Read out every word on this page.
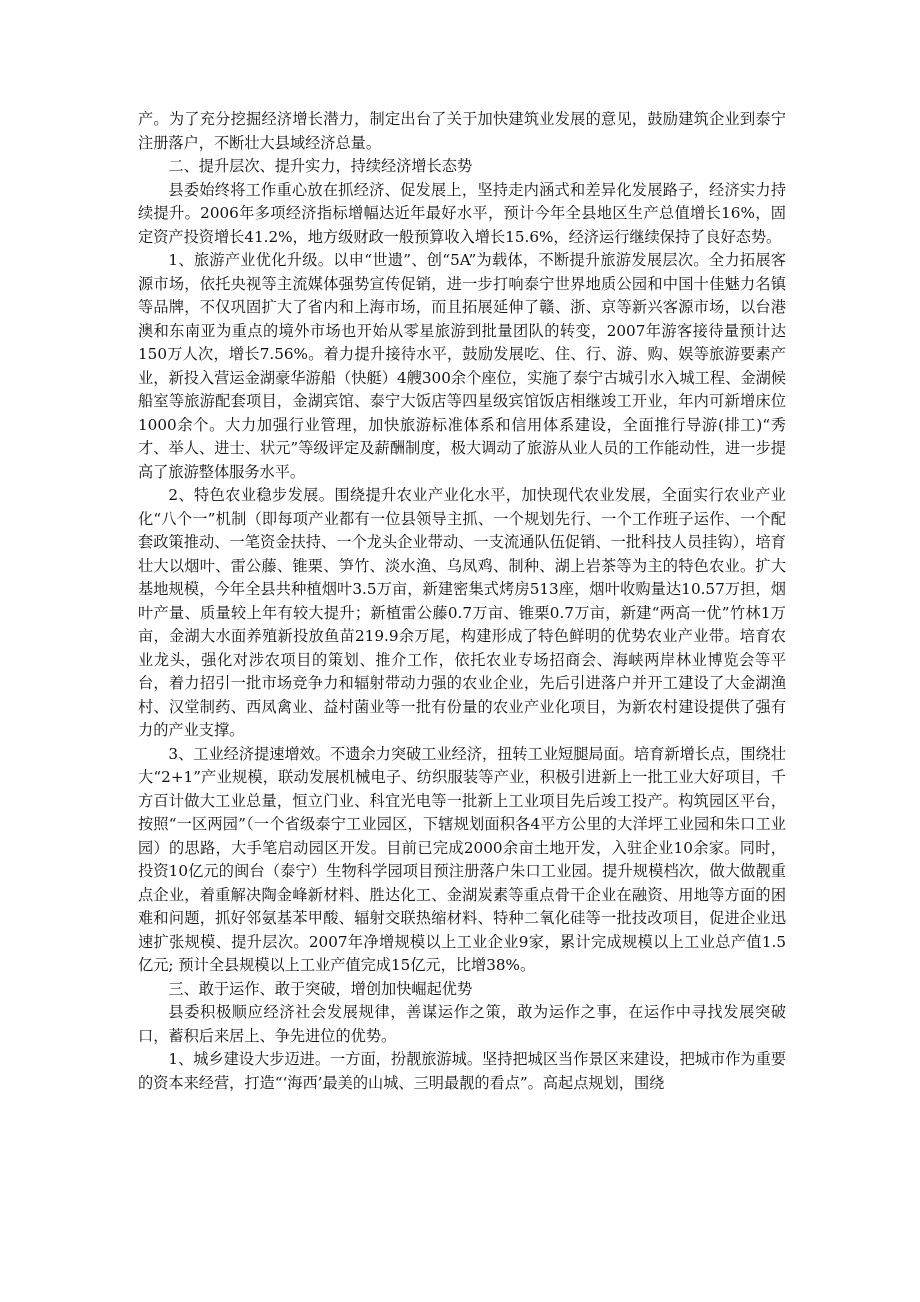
产。为了充分挖掘经济增长潜力，制定出台了关于加快建筑业发展的意见，鼓励建筑企业到泰宁注册落户，不断壮大县域经济总量。

二、提升层次、提升实力，持续经济增长态势

县委始终将工作重心放在抓经济、促发展上，坚持走内涵式和差异化发展路子，经济实力持续提升。2006年多项经济指标增幅达近年最好水平，预计今年全县地区生产总值增长16%，固定资产投资增长41.2%，地方级财政一般预算收入增长15.6%，经济运行继续保持了良好态势。

1、旅游产业优化升级。以申“世遗”、创“5A”为载体，不断提升旅游发展层次。全力拓展客源市场，依托央视等主流媒体强势宣传促销，进一步打响泰宁世界地质公园和中国十佳魅力名镇等品牌，不仅巩固扩大了省内和上海市场，而且拓展延伸了赣、浙、京等新兴客源市场，以台港澳和东南亚为重点的境外市场也开始从零星旅游到批量团队的转变，2007年游客接待量预计达150万人次，增长7.56%。着力提升接待水平，鼓励发展吃、住、行、游、购、娱等旅游要素产业，新投入营运金湖豪华游船（快艇）4艘300余个座位，实施了泰宁古城引水入城工程、金湖候船室等旅游配套项目，金湖宾馆、泰宁大饭店等四星级宾馆饭店相继竣工开业，年内可新增床位1000余个。大力加强行业管理，加快旅游标准体系和信用体系建设，全面推行导游(排工)“秀才、举人、进士、状元”等级评定及薪酬制度，极大调动了旅游从业人员的工作能动性，进一步提高了旅游整体服务水平。

2、特色农业稳步发展。围绕提升农业产业化水平，加快现代农业发展，全面实行农业产业化“八个一”机制（即每项产业都有一位县领导主抓、一个规划先行、一个工作班子运作、一个配套政策推动、一笔资金扶持、一个龙头企业带动、一支流通队伍促销、一批科技人员挂钩），培育壮大以烟叶、雷公藤、锥栗、笋竹、淡水渔、乌凤鸡、制种、湖上岩茶等为主的特色农业。扩大基地规模，今年全县共种植烟叶3.5万亩，新建密集式烤房513座，烟叶收购量达10.57万担，烟叶产量、质量较上年有较大提升；新植雷公藤0.7万亩、锥栗0.7万亩，新建“两高一优”竹林1万亩，金湖大水面养殖新投放鱼苗219.9余万尾，构建形成了特色鲜明的优势农业产业带。培育农业龙头，强化对涉农项目的策划、推介工作，依托农业专场招商会、海峡两岸林业博览会等平台，着力招引一批市场竞争力和辐射带动力强的农业企业，先后引进落户并开工建设了大金湖渔村、汉堂制药、西凤禽业、益村菌业等一批有份量的农业产业化项目，为新农村建设提供了强有力的产业支撑。

3、工业经济提速增效。不遗余力突破工业经济，扭转工业短腿局面。培育新增长点，围绕壮大“2+1”产业规模，联动发展机械电子、纺织服装等产业，积极引进新上一批工业大好项目，千方百计做大工业总量，恒立门业、科宜光电等一批新上工业项目先后竣工投产。构筑园区平台，按照“一区两园”（一个省级泰宁工业园区，下辖规划面积各4平方公里的大洋坪工业园和朱口工业园）的思路，大手笔启动园区开发。目前已完成2000余亩土地开发，入驻企业10余家。同时，投资10亿元的闽台（泰宁）生物科学园项目预注册落户朱口工业园。提升规模档次，做大做靓重点企业，着重解决陶金峰新材料、胜达化工、金湖炭素等重点骨干企业在融资、用地等方面的困难和问题，抓好邻氨基苯甲酸、辐射交联热缩材料、特种二氧化硅等一批技改项目，促进企业迅速扩张规模、提升层次。2007年净增规模以上工业企业9家，累计完成规模以上工业总产值1.5亿元; 预计全县规模以上工业产值完成15亿元，比增38%。

三、敢于运作、敢于突破，增创加快崛起优势

县委积极顺应经济社会发展规律，善谋运作之策，敢为运作之事，在运作中寻找发展突破口，蓄积后来居上、争先进位的优势。

1、城乡建设大步迈进。一方面，扮靓旅游城。坚持把城区当作景区来建设，把城市作为重要的资本来经营，打造“‘海西’最美的山城、三明最靓的看点”。高起点规划，围绕
